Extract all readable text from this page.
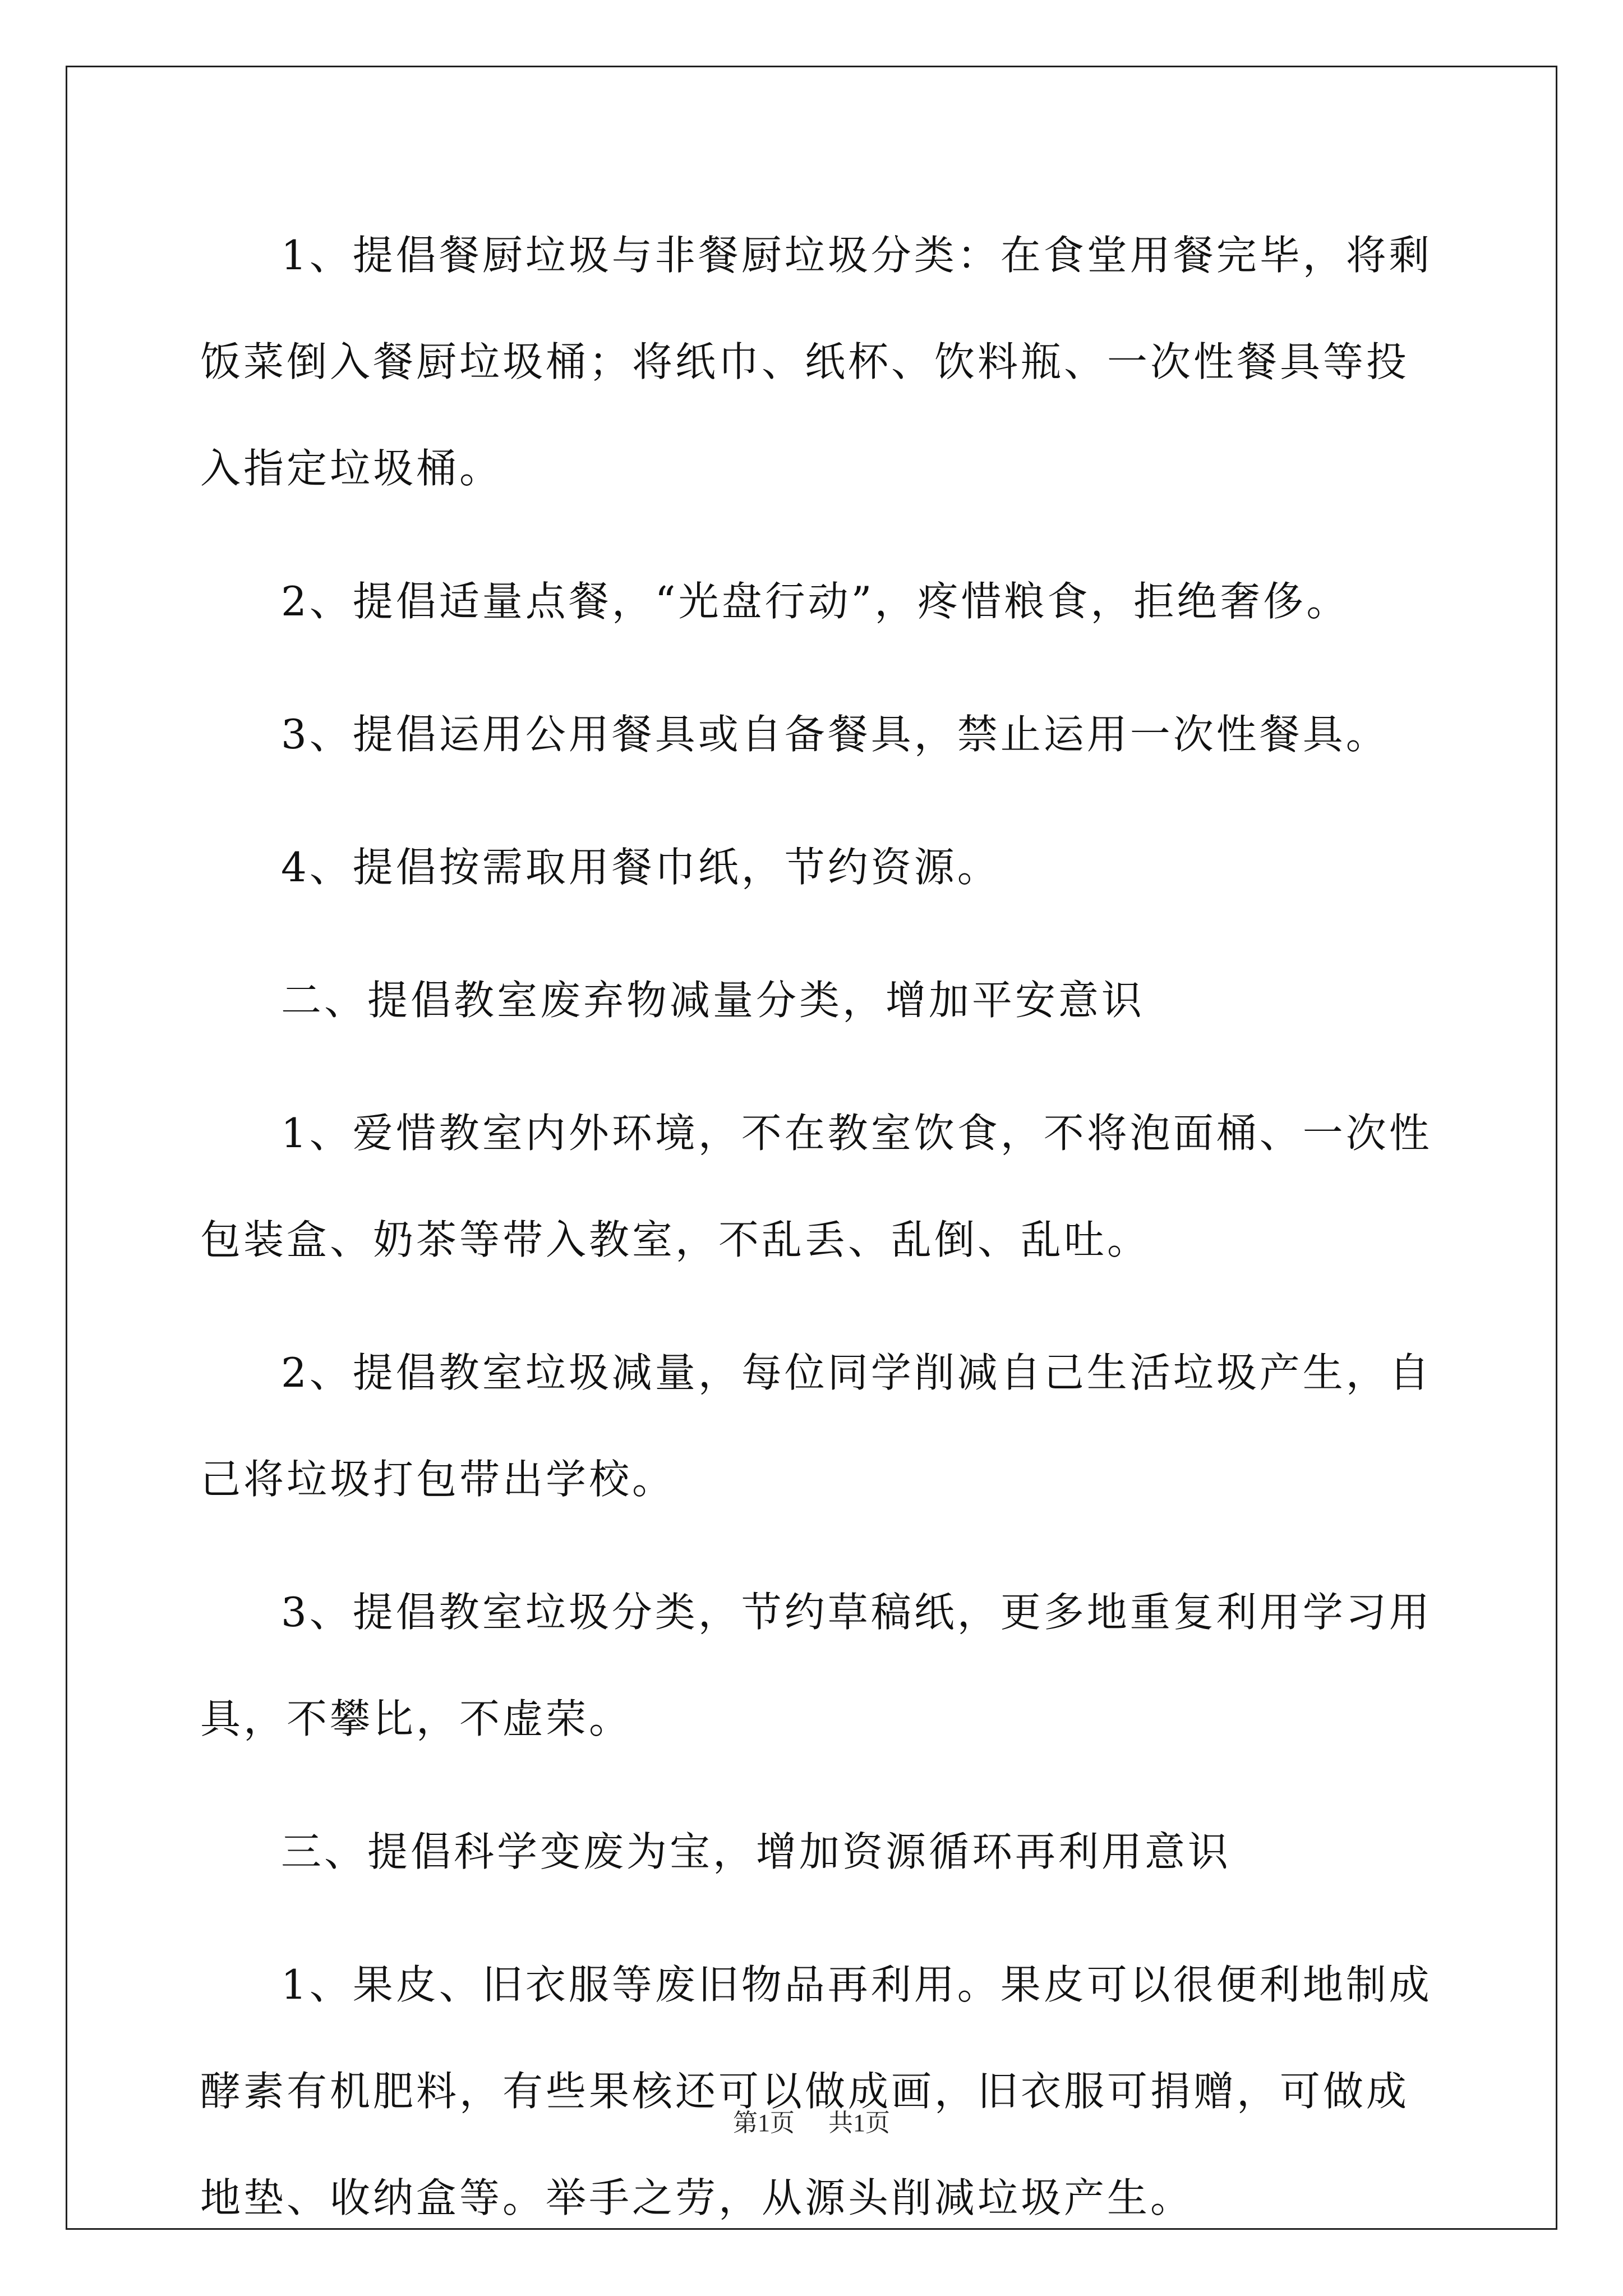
1、提倡餐厨垃圾与非餐厨垃圾分类：在食堂用餐完毕，将剩饭菜倒入餐厨垃圾桶；将纸巾、纸杯、饮料瓶、一次性餐具等投入指定垃圾桶。

2、提倡适量点餐，“光盘行动”，疼惜粮食，拒绝奢侈。

3、提倡运用公用餐具或自备餐具，禁止运用一次性餐具。

4、提倡按需取用餐巾纸，节约资源。

二、提倡教室废弃物减量分类，增加平安意识

1、爱惜教室内外环境，不在教室饮食，不将泡面桶、一次性包装盒、奶茶等带入教室，不乱丢、乱倒、乱吐。

2、提倡教室垃圾减量，每位同学削减自己生活垃圾产生，自己将垃圾打包带出学校。

3、提倡教室垃圾分类，节约草稿纸，更多地重复利用学习用具，不攀比，不虚荣。

三、提倡科学变废为宝，增加资源循环再利用意识

1、果皮、旧衣服等废旧物品再利用。果皮可以很便利地制成酵素有机肥料，有些果核还可以做成画，旧衣服可捐赠，可做成地垫、收纳盒等。举手之劳，从源头削减垃圾产生。

第1页 共1页
